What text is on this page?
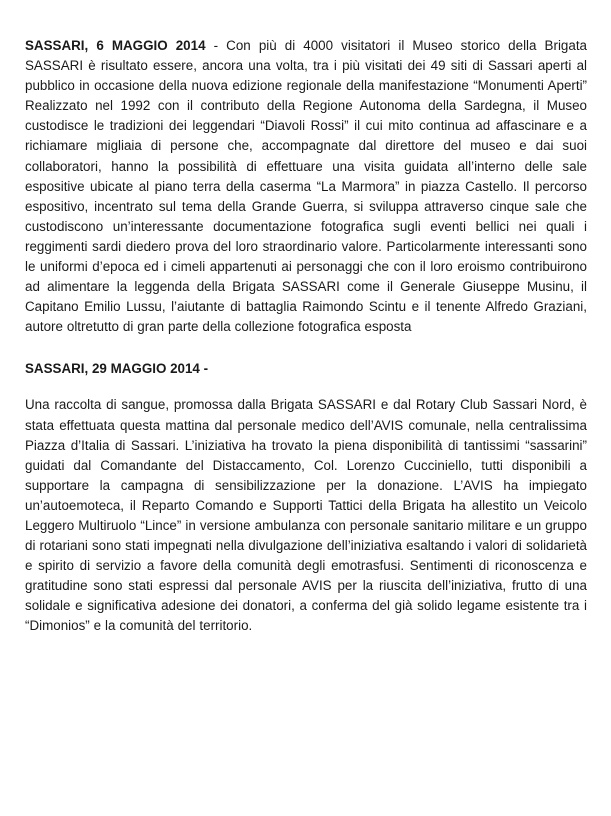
SASSARI, 6 MAGGIO 2014 - Con più di 4000 visitatori il Museo storico della Brigata SASSARI è risultato essere, ancora una volta, tra i più visitati dei 49 siti di Sassari aperti al pubblico in occasione della nuova edizione regionale della manifestazione “Monumenti Aperti” Realizzato nel 1992 con il contributo della Regione Autonoma della Sardegna, il Museo custodisce le tradizioni dei leggendari “Diavoli Rossi” il cui mito continua ad affascinare e a richiamare migliaia di persone che, accompagnate dal direttore del museo e dai suoi collaboratori, hanno la possibilità di effettuare una visita guidata all’interno delle sale espositive ubicate al piano terra della caserma “La Marmora” in piazza Castello. Il percorso espositivo, incentrato sul tema della Grande Guerra, si sviluppa attraverso cinque sale che custodiscono un’interessante documentazione fotografica sugli eventi bellici nei quali i reggimenti sardi diedero prova del loro straordinario valore. Particolarmente interessanti sono le uniformi d’epoca ed i cimeli appartenuti ai personaggi che con il loro eroismo contribuirono ad alimentare la leggenda della Brigata SASSARI come il Generale Giuseppe Musinu, il Capitano Emilio Lussu, l’aiutante di battaglia Raimondo Scintu e il tenente Alfredo Graziani, autore oltretutto di gran parte della collezione fotografica esposta

SASSARI, 29 MAGGIO 2014 -

Una raccolta di sangue, promossa dalla Brigata SASSARI e dal Rotary Club Sassari Nord, è stata effettuata questa mattina dal personale medico dell’AVIS comunale, nella centralissima Piazza d’Italia di Sassari. L’iniziativa ha trovato la piena disponibilità di tantissimi “sassarini” guidati dal Comandante del Distaccamento, Col. Lorenzo Cucciniello, tutti disponibili a supportare la campagna di sensibilizzazione per la donazione. L’AVIS ha impiegato un’autoemoteca, il Reparto Comando e Supporti Tattici della Brigata ha allestito un Veicolo Leggero Multiruolo “Lince” in versione ambulanza con personale sanitario militare e un gruppo di rotariani sono stati impegnati nella divulgazione dell’iniziativa esaltando i valori di solidarietà e spirito di servizio a favore della comunità degli emotrasfusi. Sentimenti di riconoscenza e gratitudine sono stati espressi dal personale AVIS per la riuscita dell’iniziativa, frutto di una solidale e significativa adesione dei donatori, a conferma del già solido legame esistente tra i “Dimonios” e la comunità del territorio.
